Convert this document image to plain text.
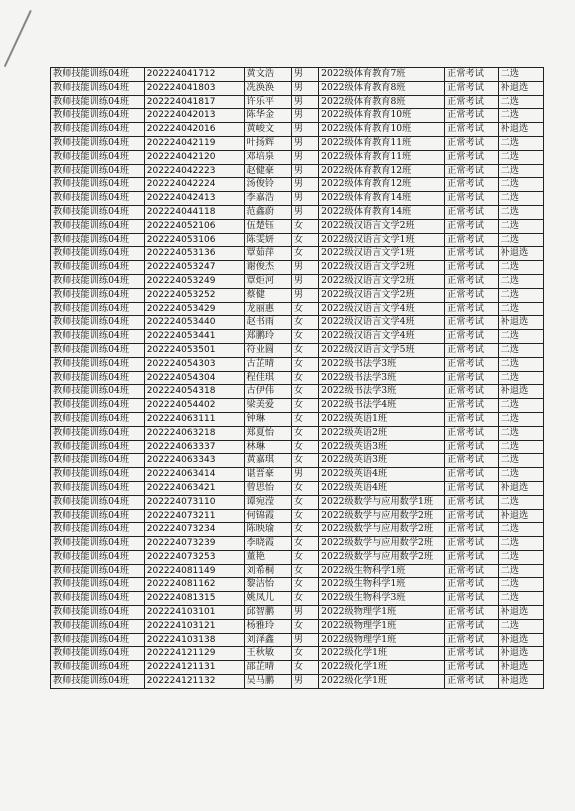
教师技能训练04班	202224041712	黄文浩	男	2022级体育教育7班	正常考试	二选
教师技能训练04班	202224041803	冼涣涣	男	2022级体育教育8班	正常考试	补退选
教师技能训练04班	202224041817	许乐平	男	2022级体育教育8班	正常考试	二选
教师技能训练04班	202224042013	陈华金	男	2022级体育教育10班	正常考试	二选
教师技能训练04班	202224042016	黄峻文	男	2022级体育教育10班	正常考试	补退选
教师技能训练04班	202224042119	叶扬辉	男	2022级体育教育11班	正常考试	二选
教师技能训练04班	202224042120	邓培泉	男	2022级体育教育11班	正常考试	二选
教师技能训练04班	202224042223	赵健豪	男	2022级体育教育12班	正常考试	二选
教师技能训练04班	202224042224	汤俊铃	男	2022级体育教育12班	正常考试	二选
教师技能训练04班	202224042413	李嘉浩	男	2022级体育教育14班	正常考试	二选
教师技能训练04班	202224044118	范鑫蔚	男	2022级体育教育14班	正常考试	二选
教师技能训练04班	202224052106	伍楚钰	女	2022级汉语言文学2班	正常考试	二选
教师技能训练04班	202224053106	陈雯妍	女	2022级汉语言文学1班	正常考试	二选
教师技能训练04班	202224053136	覃茹萍	女	2022级汉语言文学1班	正常考试	补退选
教师技能训练04班	202224053247	谢俊杰	男	2022级汉语言文学2班	正常考试	二选
教师技能训练04班	202224053249	覃炬河	男	2022级汉语言文学2班	正常考试	二选
教师技能训练04班	202224053252	蔡健	男	2022级汉语言文学2班	正常考试	二选
教师技能训练04班	202224053429	龙丽惠	女	2022级汉语言文学4班	正常考试	二选
教师技能训练04班	202224053440	赵书雨	女	2022级汉语言文学4班	正常考试	补退选
教师技能训练04班	202224053441	郑鹏玲	女	2022级汉语言文学4班	正常考试	二选
教师技能训练04班	202224053501	符业圆	女	2022级汉语言文学5班	正常考试	二选
教师技能训练04班	202224054303	古芷晴	女	2022级书法学3班	正常考试	二选
教师技能训练04班	202224054304	程佳琪	女	2022级书法学3班	正常考试	二选
教师技能训练04班	202224054318	古伊伟	女	2022级书法学3班	正常考试	补退选
教师技能训练04班	202224054402	梁美爱	女	2022级书法学4班	正常考试	二选
教师技能训练04班	202224063111	钟琳	女	2022级英语1班	正常考试	二选
教师技能训练04班	202224063218	郑夏怡	女	2022级英语2班	正常考试	二选
教师技能训练04班	202224063337	林琳	女	2022级英语3班	正常考试	二选
教师技能训练04班	202224063343	黄嘉琪	女	2022级英语3班	正常考试	二选
教师技能训练04班	202224063414	谌晋豪	男	2022级英语4班	正常考试	二选
教师技能训练04班	202224063421	曾思怡	女	2022级英语4班	正常考试	补退选
教师技能训练04班	202224073110	谭宛滢	女	2022级数学与应用数学1班	正常考试	二选
教师技能训练04班	202224073211	何锦霞	女	2022级数学与应用数学2班	正常考试	补退选
教师技能训练04班	202224073234	陈映瑜	女	2022级数学与应用数学2班	正常考试	二选
教师技能训练04班	202224073239	李晓霞	女	2022级数学与应用数学2班	正常考试	二选
教师技能训练04班	202224073253	董艳	女	2022级数学与应用数学2班	正常考试	二选
教师技能训练04班	202224081149	刘希桐	女	2022级生物科学1班	正常考试	二选
教师技能训练04班	202224081162	黎洁怡	女	2022级生物科学1班	正常考试	二选
教师技能训练04班	202224081315	姚凤儿	女	2022级生物科学3班	正常考试	二选
教师技能训练04班	202224103101	邱智鹏	男	2022级物理学1班	正常考试	补退选
教师技能训练04班	202224103121	杨雅玲	女	2022级物理学1班	正常考试	二选
教师技能训练04班	202224103138	刘泽鑫	男	2022级物理学1班	正常考试	补退选
教师技能训练04班	202224121129	王秋敏	女	2022级化学1班	正常考试	补退选
教师技能训练04班	202224121131	邵芷晴	女	2022级化学1班	正常考试	补退选
教师技能训练04班	202224121132	吴马鹏	男	2022级化学1班	正常考试	补退选
